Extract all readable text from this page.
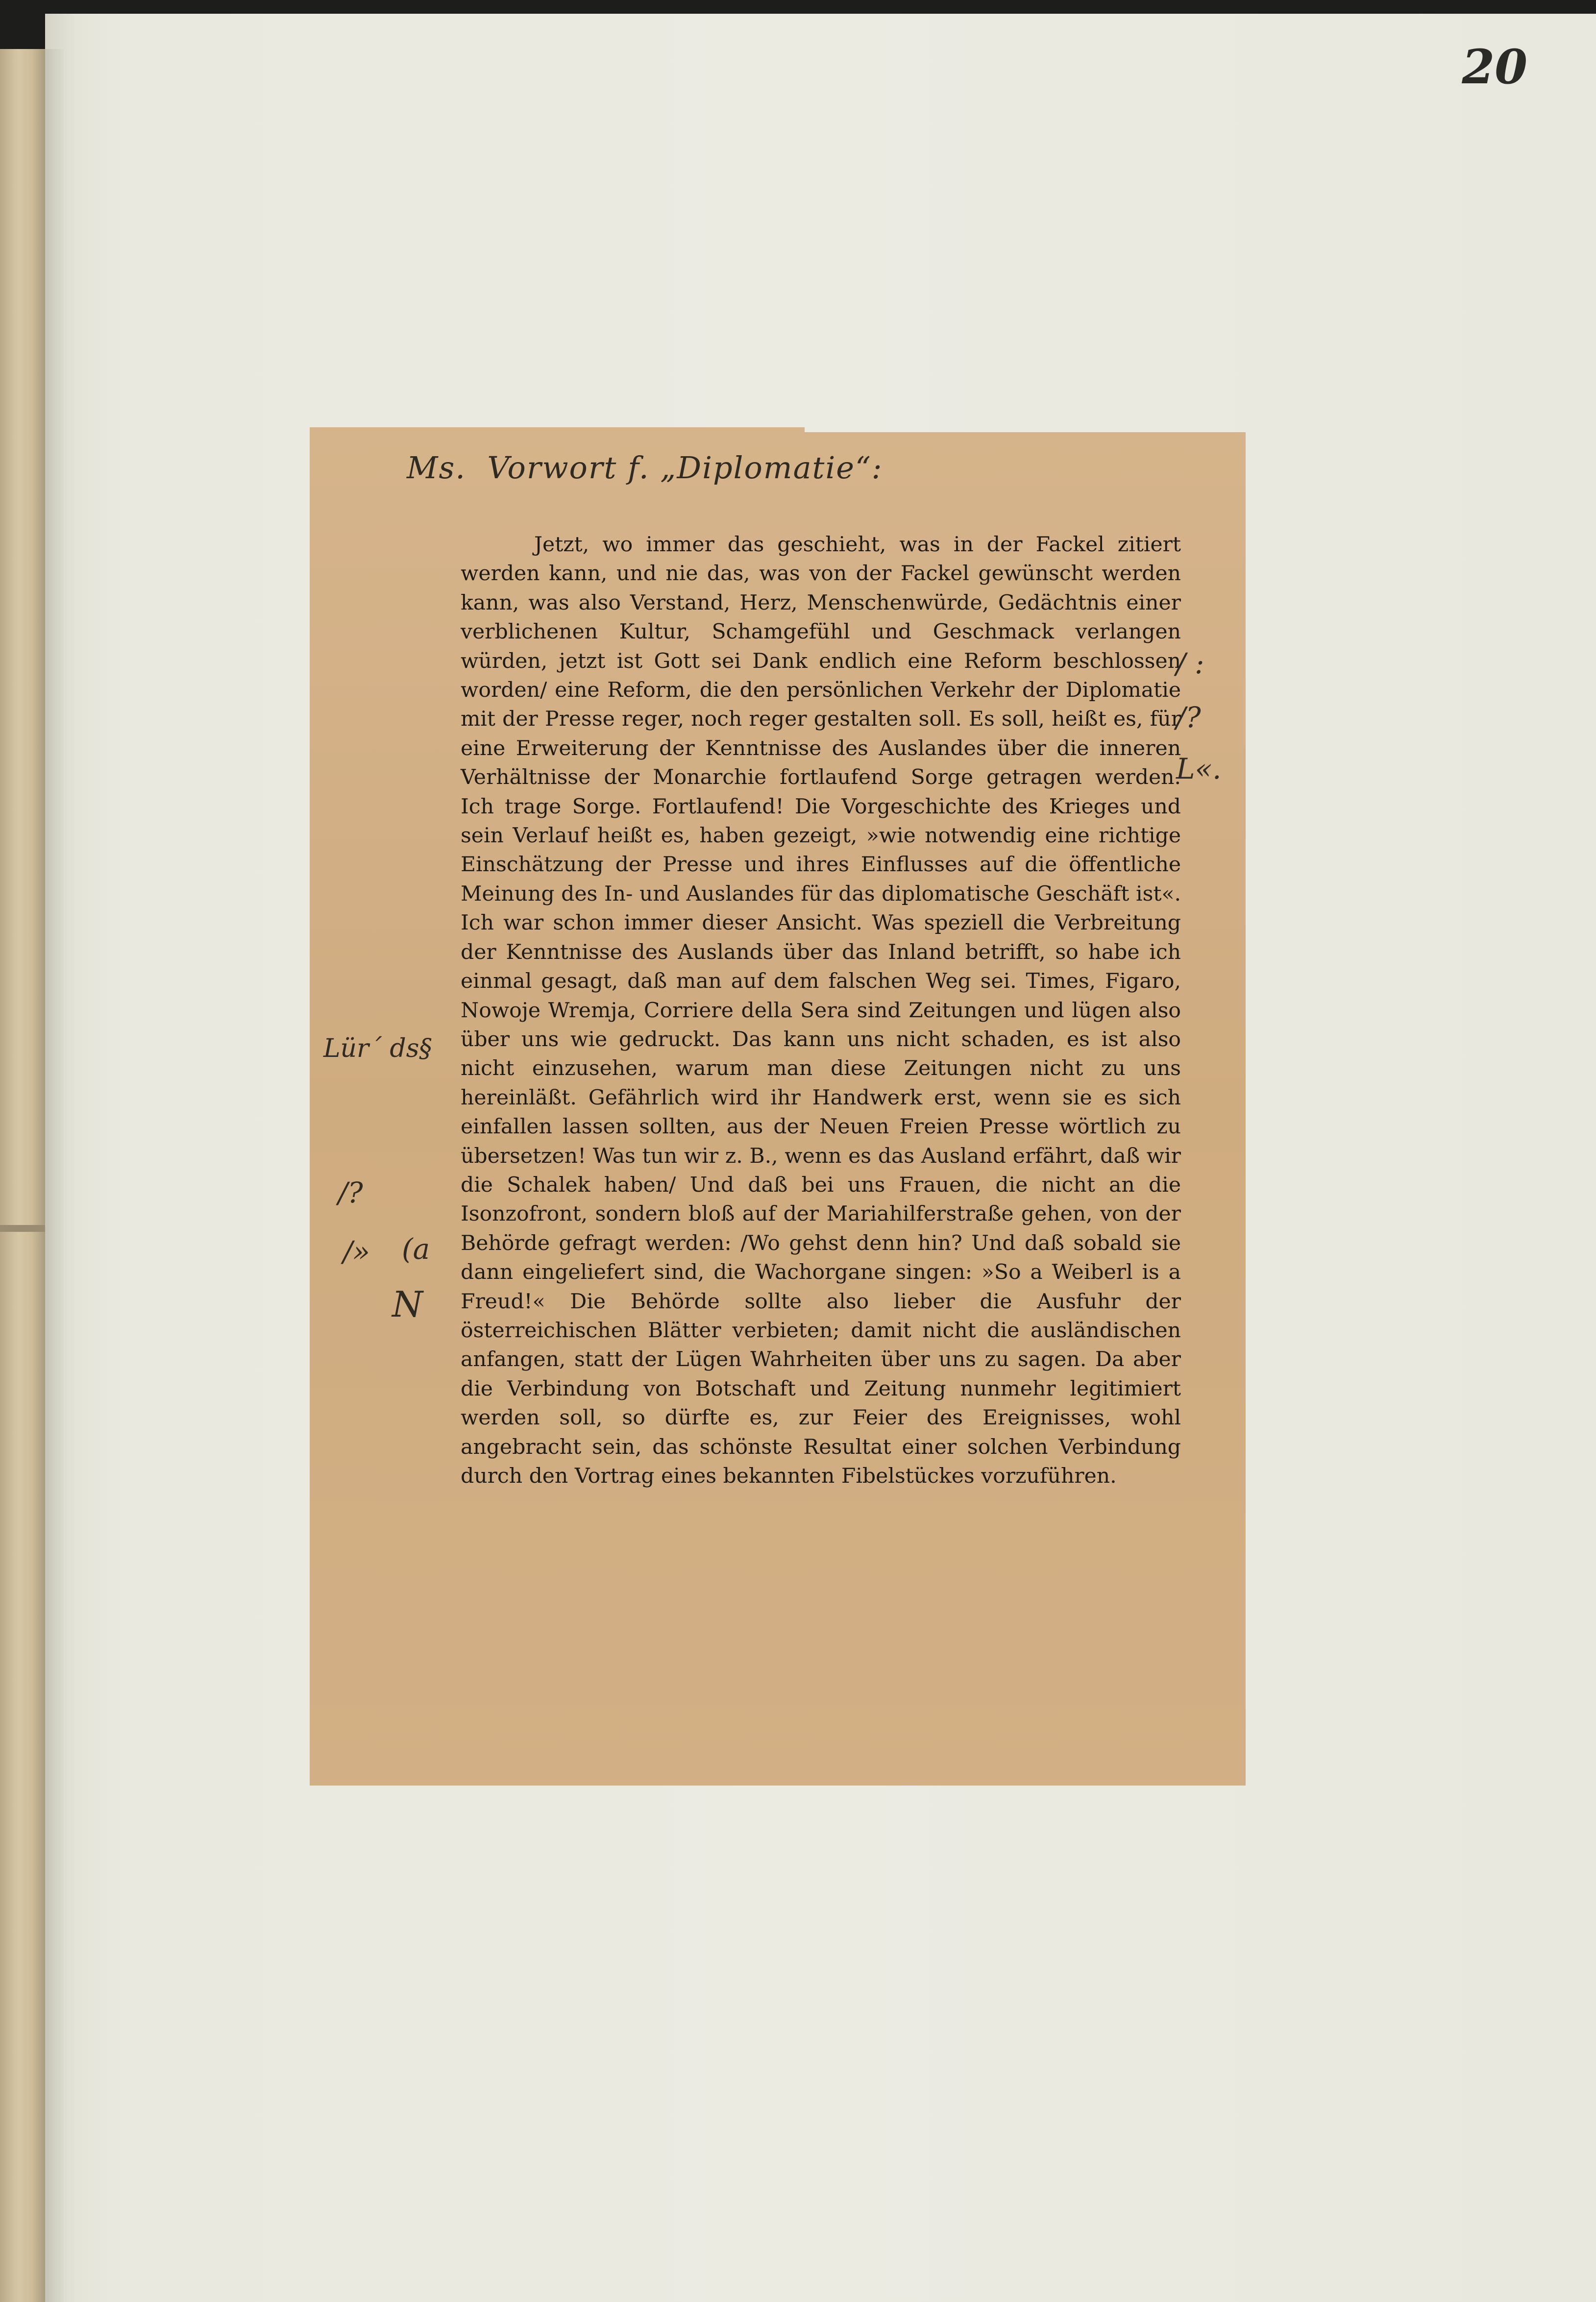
20
Ms.  Vorwort f. „Diplomatie“:

Jetzt, wo immer das geschieht, was in der Fackel zitiert werden kann, und nie das, was von der Fackel gewünscht werden kann, was also Verstand, Herz, Menschenwürde, Gedächtnis einer verblichenen Kultur, Schamgefühl und Geschmack verlangen würden, jetzt ist Gott sei Dank endlich eine Reform beschlossen worden/ eine Reform, die den persönlichen Verkehr der Diplomatie mit der Presse reger, noch reger gestalten soll. Es soll, heißt es, für eine Erweiterung der Kenntnisse des Auslandes über die inneren Verhältnisse der Monarchie fortlaufend Sorge getragen werden. Ich trage Sorge. Fortlaufend! Die Vorgeschichte des Krieges und sein Verlauf heißt es, haben gezeigt, »wie notwendig eine richtige Einschätzung der Presse und ihres Einflusses auf die öffentliche Meinung des In- und Auslandes für das diplomatische Geschäft ist«. Ich war schon immer dieser Ansicht. Was speziell die Verbreitung der Kenntnisse des Auslands über das Inland betrifft, so habe ich einmal gesagt, daß man auf dem falschen Weg sei. Times, Figaro, Nowoje Wremja, Corriere della Sera sind Zeitungen und lügen also über uns wie gedruckt. Das kann uns nicht schaden, es ist also nicht einzusehen, warum man diese Zeitungen nicht zu uns hereinläßt. Gefährlich wird ihr Handwerk erst, wenn sie es sich einfallen lassen sollten, aus der Neuen Freien Presse wörtlich zu übersetzen! Was tun wir z. B., wenn es das Ausland erfährt, daß wir die Schalek haben/ Und daß bei uns Frauen, die nicht an die Isonzofront, sondern bloß auf der Mariahilferstraße gehen, von der Behörde gefragt werden: /Wo gehst denn hin? Und daß sobald sie dann eingeliefert sind, die Wachorgane singen: »So a Weiberl is a Freud!« Die Behörde sollte also lieber die Ausfuhr der österreichischen Blätter verbieten; damit nicht die ausländischen anfangen, statt der Lügen Wahrheiten über uns zu sagen. Da aber die Verbindung von Botschaft und Zeitung nunmehr legitimiert werden soll, so dürfte es, zur Feier des Ereignisses, wohl angebracht sein, das schönste Resultat einer solchen Verbindung durch den Vortrag eines bekannten Fibelstückes vorzuführen.

/ :
/?
L«.
Lür´ ds§
/?
/» (a
N
